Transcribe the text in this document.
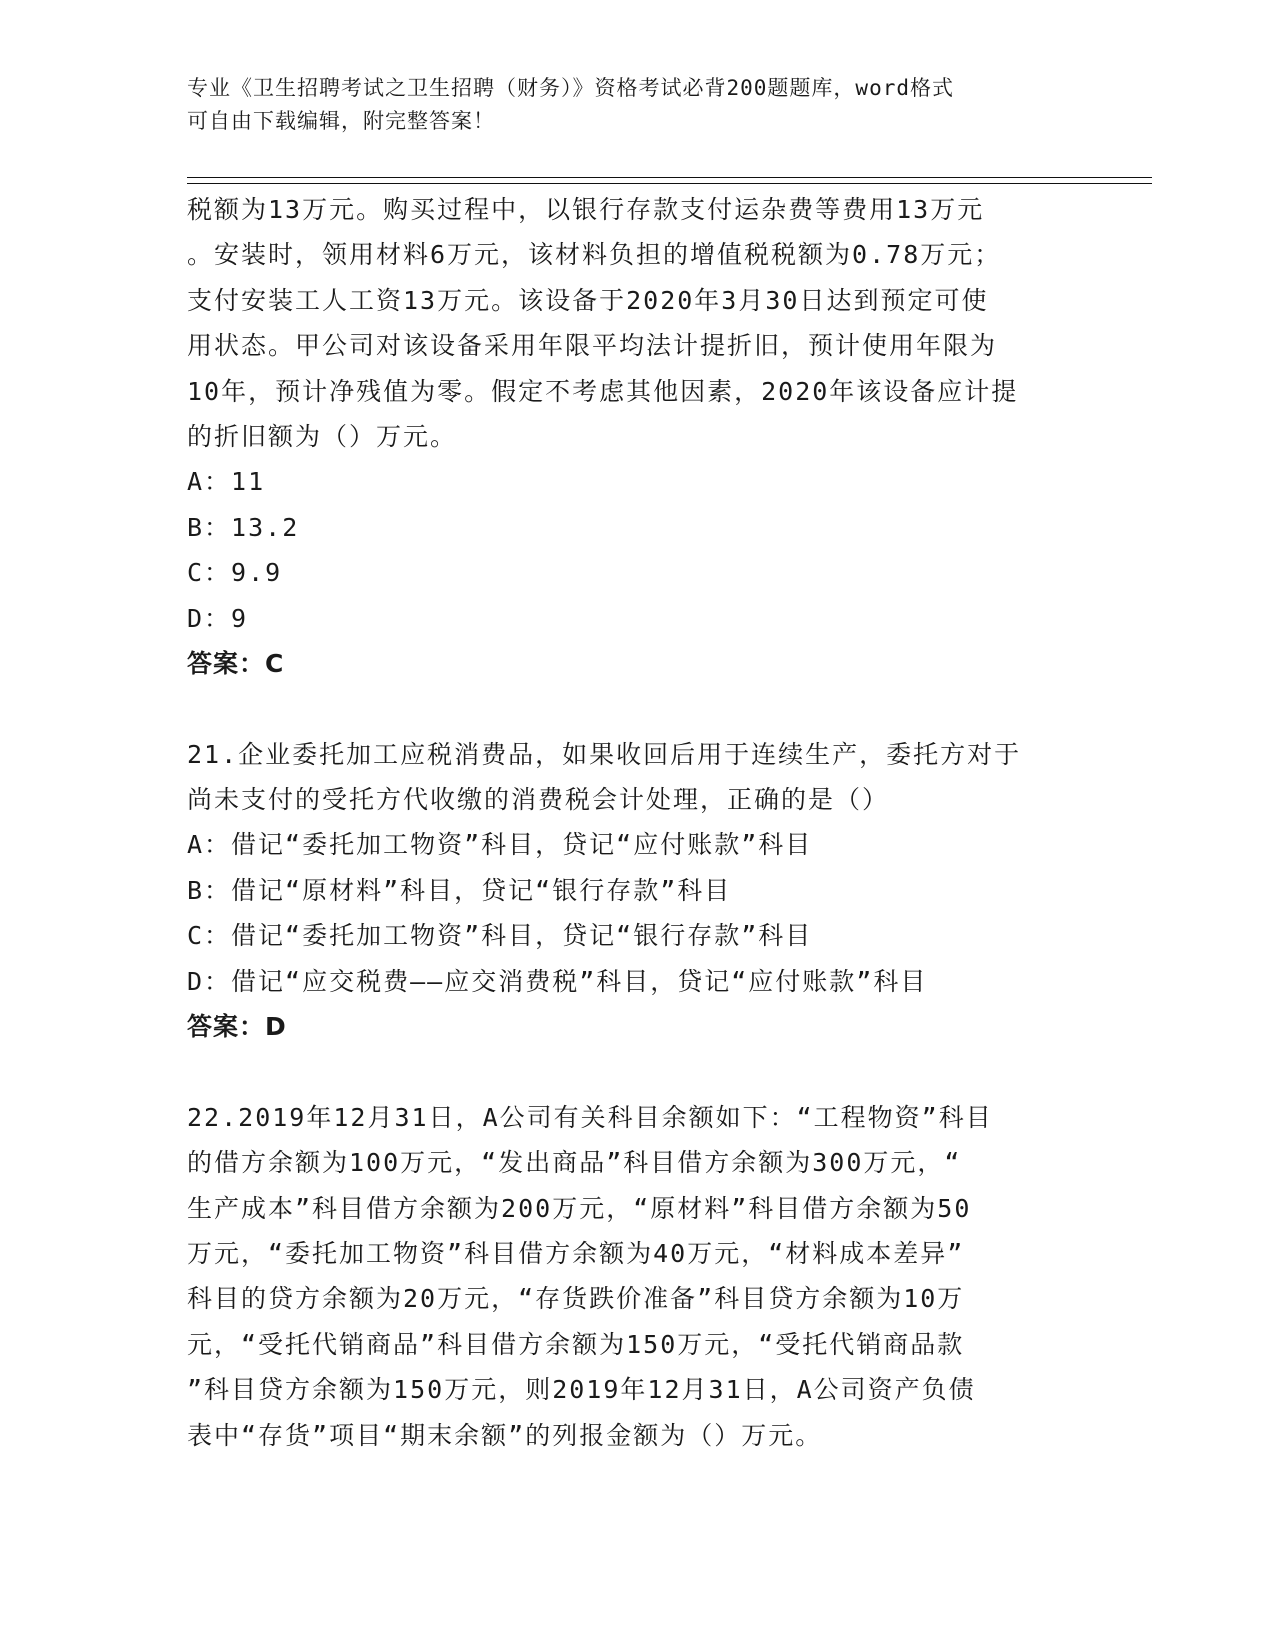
专业《卫生招聘考试之卫生招聘（财务）》资格考试必背200题题库，word格式

可自由下载编辑，附完整答案！

税额为13万元。购买过程中，以银行存款支付运杂费等费用13万元
。安装时，领用材料6万元，该材料负担的增值税税额为0.78万元；
支付安装工人工资13万元。该设备于2020年3月30日达到预定可使
用状态。甲公司对该设备采用年限平均法计提折旧，预计使用年限为
10年，预计净残值为零。假定不考虑其他因素，2020年该设备应计提
的折旧额为（）万元。
A：11
B：13.2
C：9.9
D：9
答案：C
21.企业委托加工应税消费品，如果收回后用于连续生产，委托方对于
尚未支付的受托方代收缴的消费税会计处理，正确的是（）
A：借记“委托加工物资”科目，贷记“应付账款”科目
B：借记“原材料”科目，贷记“银行存款”科目
C：借记“委托加工物资”科目，贷记“银行存款”科目
D：借记“应交税费——应交消费税”科目，贷记“应付账款”科目
答案：D
22.2019年12月31日，A公司有关科目余额如下：“工程物资”科目
的借方余额为100万元，“发出商品”科目借方余额为300万元，“
生产成本”科目借方余额为200万元，“原材料”科目借方余额为50
万元，“委托加工物资”科目借方余额为40万元，“材料成本差异”
科目的贷方余额为20万元，“存货跌价准备”科目贷方余额为10万
元，“受托代销商品”科目借方余额为150万元，“受托代销商品款
”科目贷方余额为150万元，则2019年12月31日，A公司资产负债
表中“存货”项目“期末余额”的列报金额为（）万元。
